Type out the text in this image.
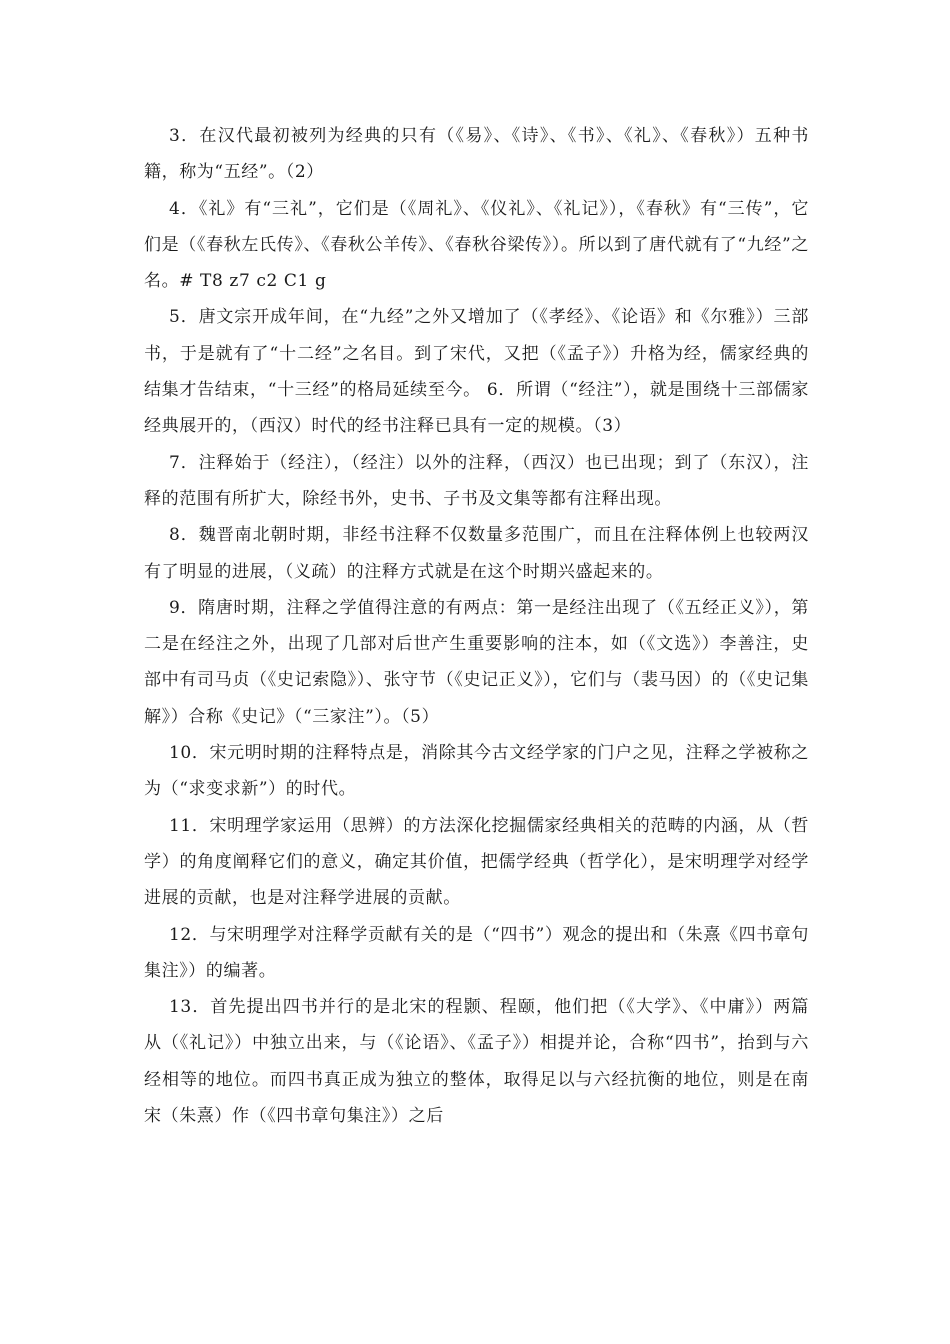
3．在汉代最初被列为经典的只有（《易》、《诗》、《书》、《礼》、《春秋》）五种书籍，称为“五经”。（2）

4．《礼》有“三礼”，它们是（《周礼》、《仪礼》、《礼记》），《春秋》有“三传”，它们是（《春秋左氏传》、《春秋公羊传》、《春秋谷梁传》）。所以到了唐代就有了“九经”之名。# T8 z7 c2 C1 g

5．唐文宗开成年间，在“九经”之外又增加了（《孝经》、《论语》和《尔雅》）三部书，于是就有了“十二经”之名目。到了宋代，又把（《孟子》）升格为经，儒家经典的结集才告结束，“十三经”的格局延续至今。 6．所谓（“经注”），就是围绕十三部儒家经典展开的，（西汉）时代的经书注释已具有一定的规模。（3）

7．注释始于（经注），（经注）以外的注释，（西汉）也已出现；到了（东汉），注释的范围有所扩大，除经书外，史书、子书及文集等都有注释出现。

8．魏晋南北朝时期，非经书注释不仅数量多范围广，而且在注释体例上也较两汉有了明显的进展，（义疏）的注释方式就是在这个时期兴盛起来的。

9．隋唐时期，注释之学值得注意的有两点：第一是经注出现了（《五经正义》），第二是在经注之外，出现了几部对后世产生重要影响的注本，如（《文选》）李善注，史部中有司马贞（《史记索隐》）、张守节（《史记正义》），它们与（裴马因）的（《史记集解》）合称《史记》（“三家注”）。（5）

10．宋元明时期的注释特点是，消除其今古文经学家的门户之见，注释之学被称之为（“求变求新”）的时代。

11．宋明理学家运用（思辨）的方法深化挖掘儒家经典相关的范畴的内涵，从（哲学）的角度阐释它们的意义，确定其价值，把儒学经典（哲学化），是宋明理学对经学进展的贡献，也是对注释学进展的贡献。

12．与宋明理学对注释学贡献有关的是（“四书”）观念的提出和（朱熹《四书章句集注》）的编著。

13．首先提出四书并行的是北宋的程颢、程颐，他们把（《大学》、《中庸》）两篇从（《礼记》）中独立出来，与（《论语》、《孟子》）相提并论，合称“四书”，抬到与六经相等的地位。而四书真正成为独立的整体，取得足以与六经抗衡的地位，则是在南宋（朱熹）作（《四书章句集注》）之后
